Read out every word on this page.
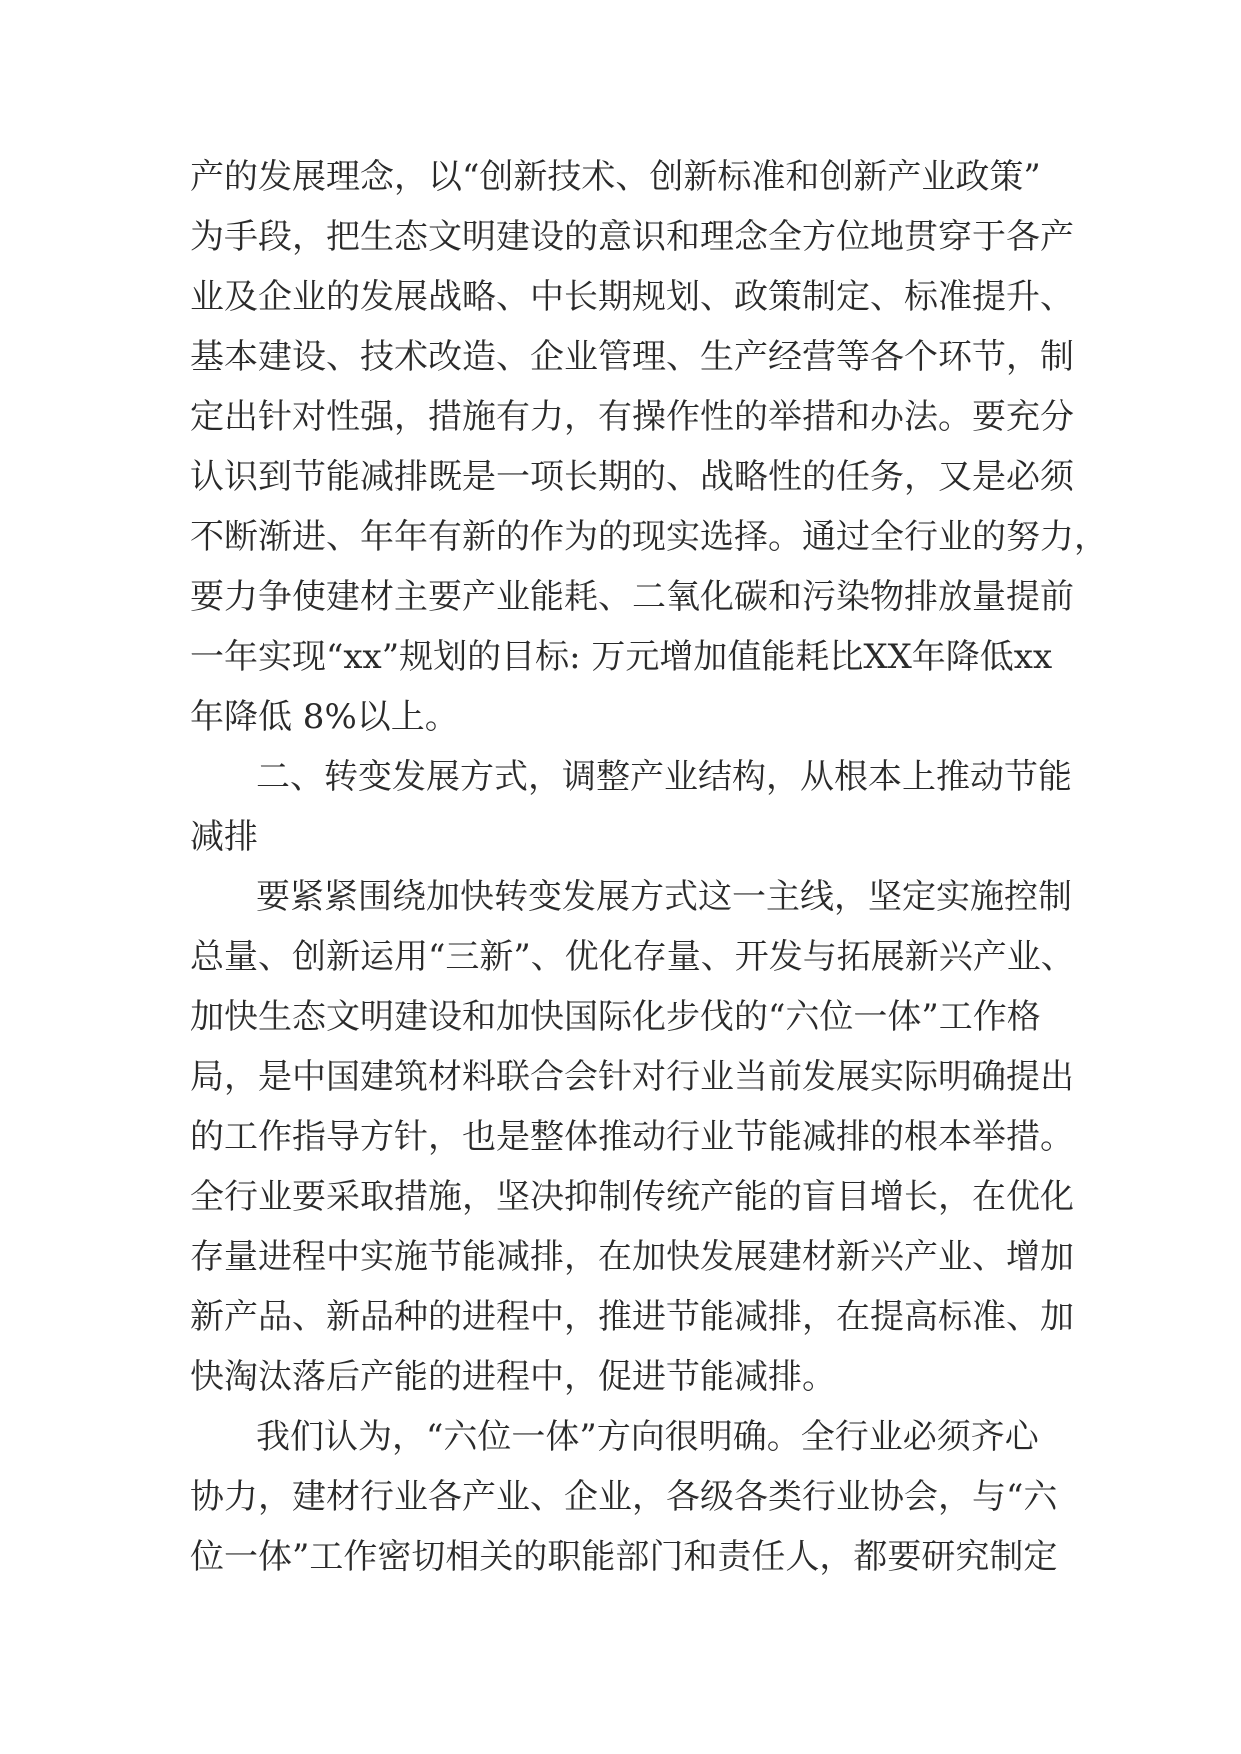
产的发展理念，以“创新技术、创新标准和创新产业政策”
为手段，把生态文明建设的意识和理念全方位地贯穿于各产
业及企业的发展战略、中长期规划、政策制定、标准提升、
基本建设、技术改造、企业管理、生产经营等各个环节，制
定出针对性强，措施有力，有操作性的举措和办法。要充分
认识到节能减排既是一项长期的、战略性的任务，又是必须
不断渐进、年年有新的作为的现实选择。通过全行业的努力，
要力争使建材主要产业能耗、二氧化碳和污染物排放量提前
一年实现“xx”规划的目标: 万元增加值能耗比XX年降低xx
年降低 8%以上。
二、转变发展方式，调整产业结构，从根本上推动节能
减排
要紧紧围绕加快转变发展方式这一主线，坚定实施控制
总量、创新运用“三新”、优化存量、开发与拓展新兴产业、
加快生态文明建设和加快国际化步伐的“六位一体”工作格
局，是中国建筑材料联合会针对行业当前发展实际明确提出
的工作指导方针，也是整体推动行业节能减排的根本举措。
全行业要采取措施，坚决抑制传统产能的盲目增长，在优化
存量进程中实施节能减排，在加快发展建材新兴产业、增加
新产品、新品种的进程中，推进节能减排，在提高标准、加
快淘汰落后产能的进程中，促进节能减排。
我们认为，“六位一体”方向很明确。全行业必须齐心
协力，建材行业各产业、企业，各级各类行业协会，与“六
位一体”工作密切相关的职能部门和责任人，都要研究制定
